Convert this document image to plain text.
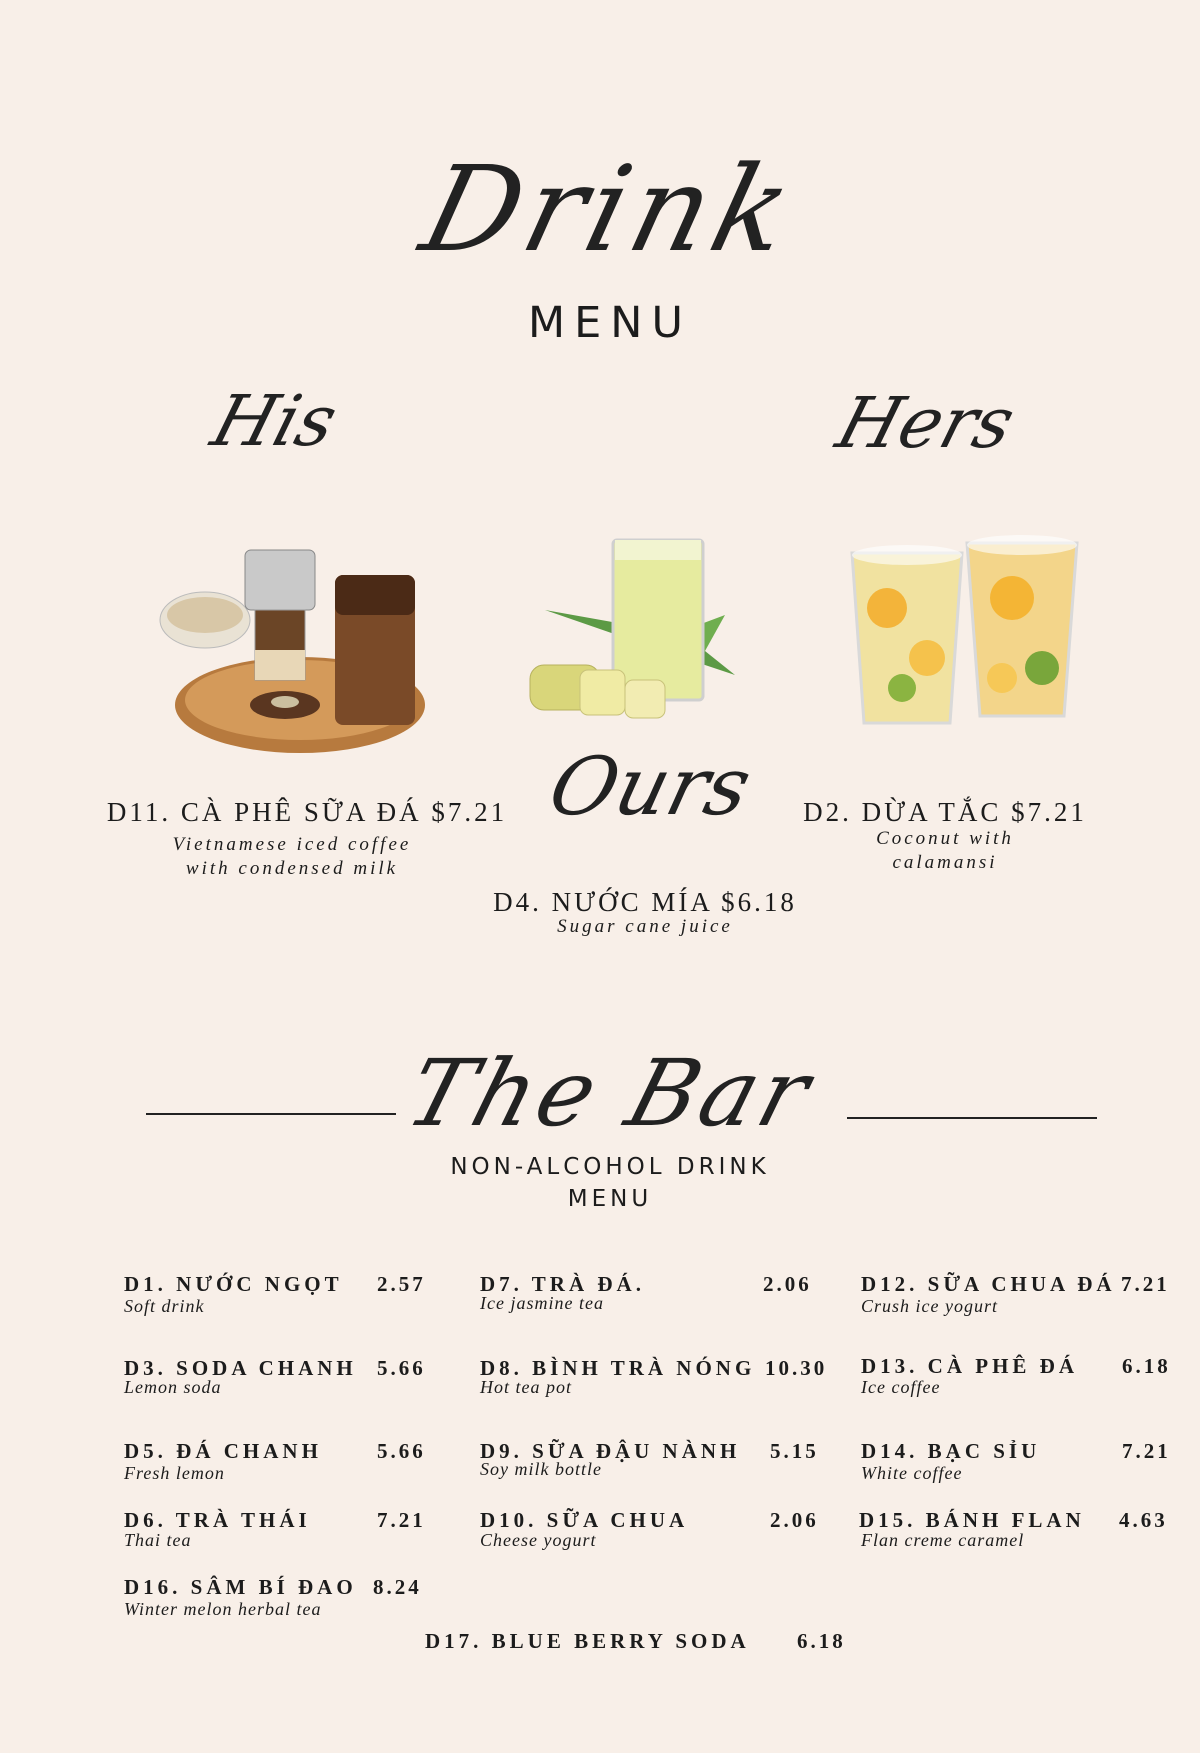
Drink
MENU
His	Hers
D11. CÀ PHÊ SỮA ĐÁ $7.21
Vietnamese iced coffee
with condensed milk
Ours
D4. NƯỚC MÍA $6.18
Sugar cane juice
D2. DỪA TẮC $7.21
Coconut with
calamansi
The Bar
NON-ALCOHOL DRINK
MENU
D1. NƯỚC NGỌT 2.57
Soft drink
D3. SODA CHANH 5.66
Lemon soda
D5. ĐÁ CHANH	5.66
Fresh lemon
D6. TRÀ THÁI	7.21
Thai tea
D16. SÂM BÍ ĐAO 8.24
Winter melon herbal tea
D7. TRÀ ĐÁ.	2.06
Ice jasmine tea
D8. BÌNH TRÀ NÓNG 10.30
Hot tea pot
D9. SỮA ĐẬU NÀNH 5.15
Soy milk bottle
D10. SỮA CHUA	2.06
Cheese yogurt
D12. SỮA CHUA ĐÁ 7.21
Crush ice yogurt
D13. CÀ PHÊ ĐÁ 6.18
Ice coffee
D14. BẠC SỈU	7.21
White coffee
D15. BÁNH FLAN 4.63
Flan creme caramel
D17. BLUE BERRY SODA 6.18
